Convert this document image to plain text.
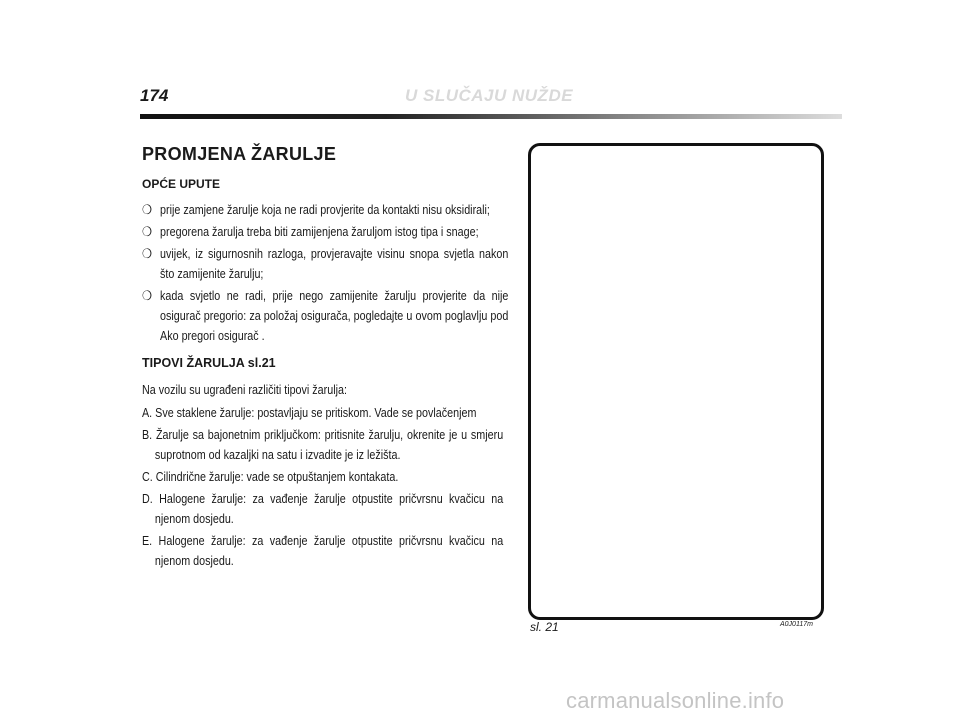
174	U SLUČAJU NUŽDE
PROMJENA ŽARULJE
OPĆE UPUTE
❍ prije zamjene žarulje koja ne radi provjerite da kontakti nisu oksidirali;
❍ pregorena žarulja treba biti zamijenjena žaruljom istog tipa i snage;
❍ uvijek, iz sigurnosnih razloga, provjeravajte visinu snopa svjetla nakon što zamijenite žarulju;
❍ kada svjetlo ne radi, prije nego zamijenite žarulju provjerite da nije osigurač pregorio: za položaj osigurača, pogledajte u ovom poglavlju pod Ako pregori osigurač .
TIPOVI ŽARULJA sl.21
Na vozilu su ugrađeni različiti tipovi žarulja:
A. Sve staklene žarulje: postavljaju se pritiskom. Vade se povlačenjem
B. Žarulje sa bajonetnim priključkom: pritisnite žarulju, okrenite je u smjeru suprotnom od kazaljki na satu i izvadite je iz ležišta.
C. Cilindrične žarulje: vade se otpuštanjem kontakata.
D. Halogene žarulje: za vađenje žarulje otpustite pričvrsnu kvačicu na njenom dosjedu.
E. Halogene žarulje: za vađenje žarulje otpustite pričvrsnu kvačicu na njenom dosjedu.
sl. 21	A0J0117m
carmanualsonline.info
